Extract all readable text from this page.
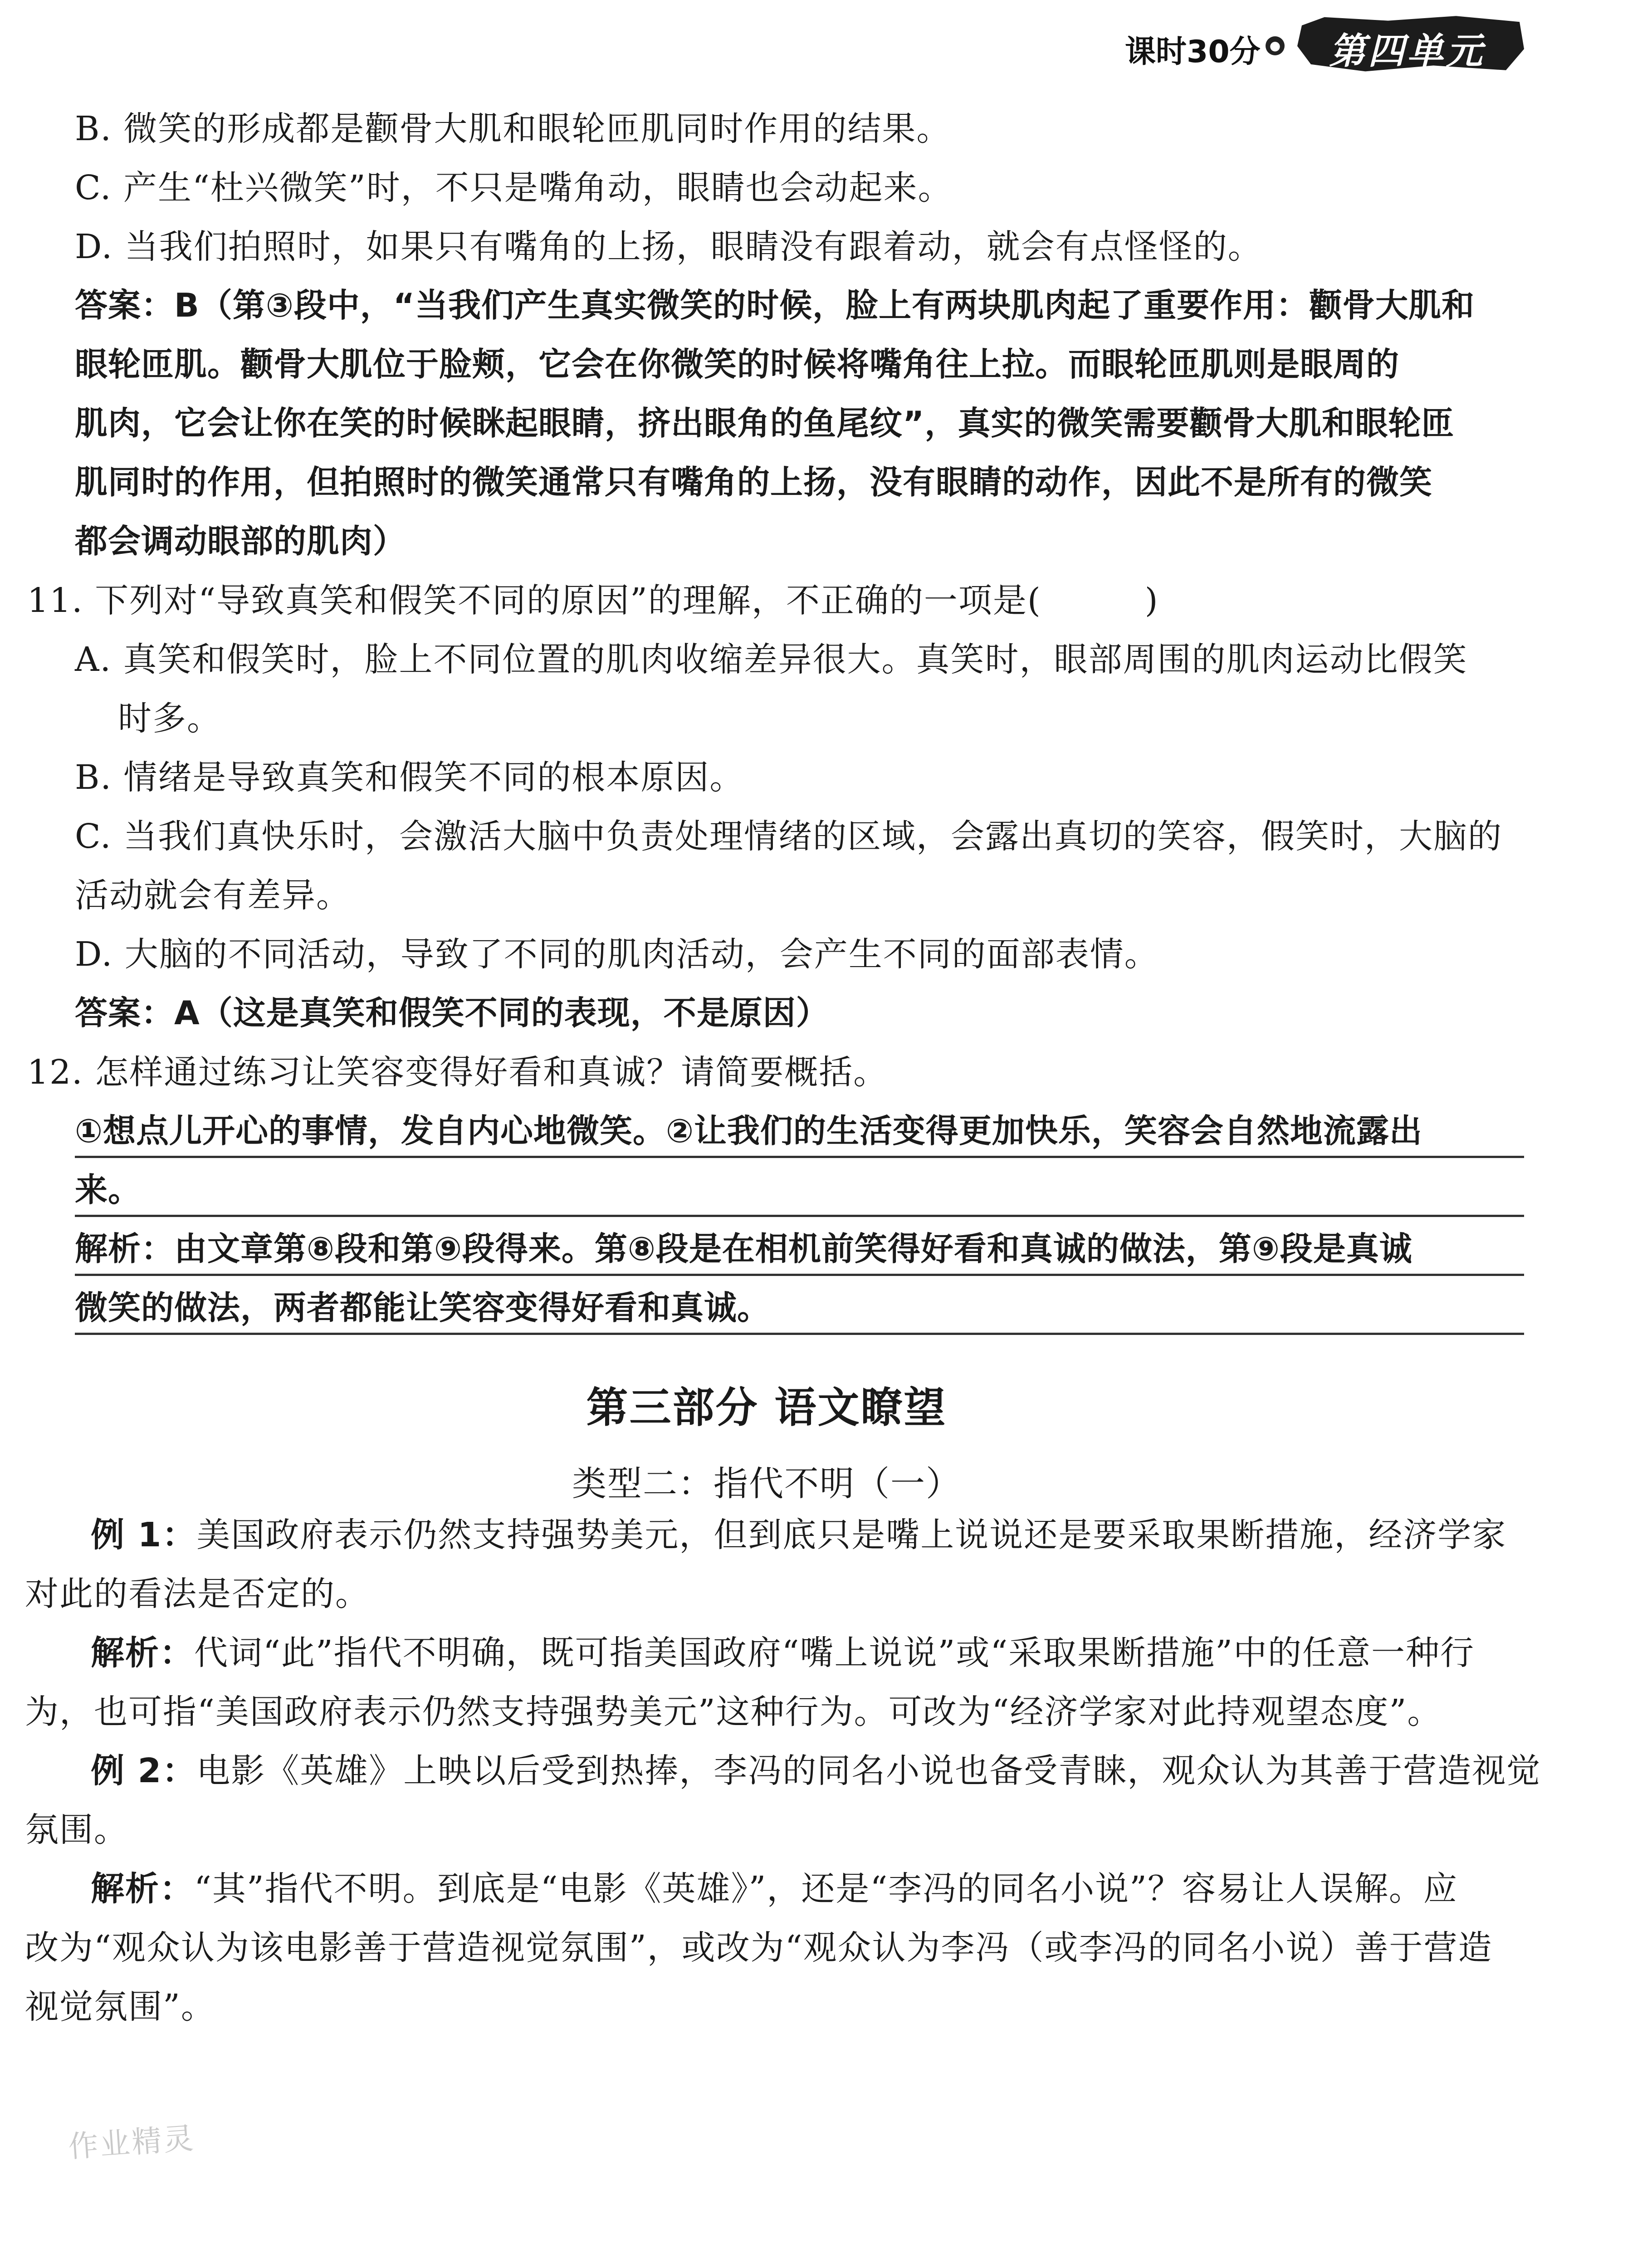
课时30分 ● 第四单元
B. 微笑的形成都是颧骨大肌和眼轮匝肌同时作用的结果。
C. 产生“杜兴微笑”时，不只是嘴角动，眼睛也会动起来。
D. 当我们拍照时，如果只有嘴角的上扬，眼睛没有跟着动，就会有点怪怪的。
答案：B（第③段中，“当我们产生真实微笑的时候，脸上有两块肌肉起了重要作用：颧骨大肌和
眼轮匝肌。颧骨大肌位于脸颊，它会在你微笑的时候将嘴角往上拉。而眼轮匝肌则是眼周的
肌肉，它会让你在笑的时候眯起眼睛，挤出眼角的鱼尾纹”，真实的微笑需要颧骨大肌和眼轮匝
肌同时的作用，但拍照时的微笑通常只有嘴角的上扬，没有眼睛的动作，因此不是所有的微笑
都会调动眼部的肌肉）
11. 下列对“导致真笑和假笑不同的原因”的理解，不正确的一项是(　　　)
A. 真笑和假笑时，脸上不同位置的肌肉收缩差异很大。真笑时，眼部周围的肌肉运动比假笑
时多。
B. 情绪是导致真笑和假笑不同的根本原因。
C. 当我们真快乐时，会激活大脑中负责处理情绪的区域，会露出真切的笑容，假笑时，大脑的
活动就会有差异。
D. 大脑的不同活动，导致了不同的肌肉活动，会产生不同的面部表情。
答案：A（这是真笑和假笑不同的表现，不是原因）
12. 怎样通过练习让笑容变得好看和真诚？请简要概括。
①想点儿开心的事情，发自内心地微笑。②让我们的生活变得更加快乐，笑容会自然地流露出
来。
解析：由文章第⑧段和第⑨段得来。第⑧段是在相机前笑得好看和真诚的做法，第⑨段是真诚
微笑的做法，两者都能让笑容变得好看和真诚。
第三部分 语文瞭望
类型二：指代不明（一）
例 1：美国政府表示仍然支持强势美元，但到底只是嘴上说说还是要采取果断措施，经济学家
对此的看法是否定的。
解析：代词“此”指代不明确，既可指美国政府“嘴上说说”或“采取果断措施”中的任意一种行
为，也可指“美国政府表示仍然支持强势美元”这种行为。可改为“经济学家对此持观望态度”。
例 2：电影《英雄》上映以后受到热捧，李冯的同名小说也备受青睐，观众认为其善于营造视觉
氛围。
解析：“其”指代不明。到底是“电影《英雄》”，还是“李冯的同名小说”？容易让人误解。应
改为“观众认为该电影善于营造视觉氛围”，或改为“观众认为李冯（或李冯的同名小说）善于营造
视觉氛围”。
作业精灵
